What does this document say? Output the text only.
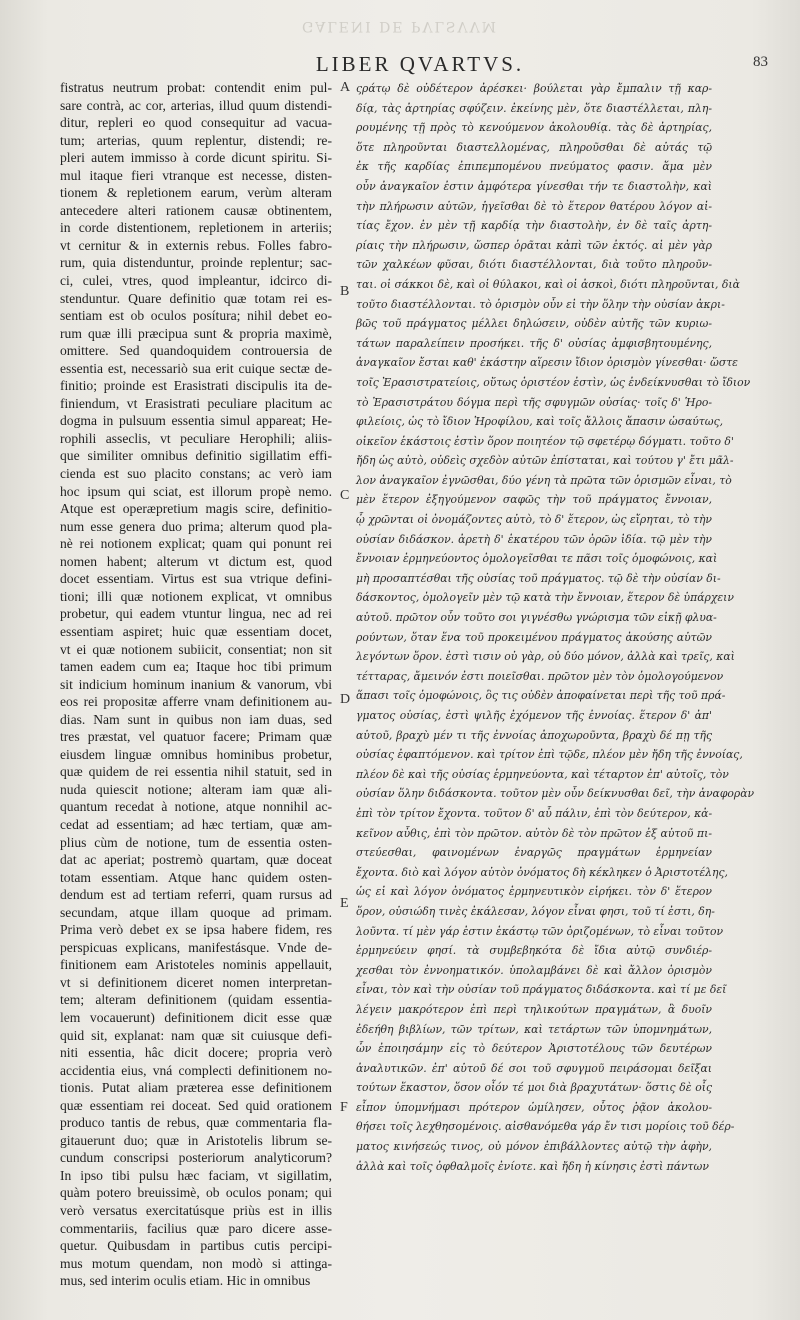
GALENI DE PVLSVVM
LIBER QVARTVS.	83
fistratus neutrum probat: contendit enim pul-
sare contrà, ac cor, arterias, illud quum distendi-
ditur, repleri eo quod consequitur ad vacua-
tum; arterias, quum replentur, distendi; re-
pleri autem immisso à corde dicunt spiritu. Si-
mul itaque fieri vtranque est necesse, disten-
tionem & repletionem earum, verùm alteram
antecedere alteri rationem causæ obtinentem,
in corde distentionem, repletionem in arteriis;
vt cernitur & in externis rebus. Folles fabro-
rum, quia distenduntur, proinde replentur; sac-
ci, culei, vtres, quod impleantur, idcirco di-
stenduntur. Quare definitio quæ totam rei es-
sentiam est ob oculos posítura; nihil debet eo-
rum quæ illi præcipua sunt & propria maximè,
omittere. Sed quandoquidem controuersia de
essentia est, necessariò sua erit cuique sectæ de-
finitio; proinde est Erasistrati discipulis ita de-
finiendum, vt Erasistrati peculiare placitum ac
dogma in pulsuum essentia simul appareat; He-
rophili asseclis, vt peculiare Herophili; aliis-
que similiter omnibus definitio sigillatim effi-
cienda est suo placito constans; ac verò iam
hoc ipsum qui sciat, est illorum propè nemo.
Atque est operæpretium magis scire, definitio-
num esse genera duo prima; alterum quod pla-
nè rei notionem explicat; quam qui ponunt rei
nomen habent; alterum vt dictum est, quod
docet essentiam. Virtus est sua vtrique defini-
tioni; illi quæ notionem explicat, vt omnibus
probetur, qui eadem vtuntur lingua, nec ad rei
essentiam aspiret; huic quæ essentiam docet,
vt ei quæ notionem subiicit, consentiat; non sit
tamen eadem cum ea; Itaque hoc tibi primum
sit indicium hominum inanium & vanorum, vbi
eos rei propositæ afferre vnam definitionem au-
dias. Nam sunt in quibus non iam duas, sed
tres præstat, vel quatuor facere; Primam quæ
eiusdem linguæ omnibus hominibus probetur,
quæ quidem de rei essentia nihil statuit, sed in
nuda quiescit notione; alteram iam quæ ali-
quantum recedat à notione, atque nonnihil ac-
cedat ad essentiam; ad hæc tertiam, quæ am-
plius cùm de notione, tum de essentia osten-
dat ac aperiat; postremò quartam, quæ doceat
totam essentiam. Atque hanc quidem osten-
dendum est ad tertiam referri, quam rursus ad
secundam, atque illam quoque ad primam.
Prima verò debet ex se ipsa habere fidem, res
perspicuas explicans, manifestásque. Vnde de-
finitionem eam Aristoteles nominis appellauit,
vt si definitionem diceret nomen interpretan-
tem; alteram definitionem (quidam essentia-
lem vocauerunt) definitionem dicit esse quæ
quid sit, explanat: nam quæ sit cuiusque defi-
niti essentia, hâc dicit docere; propria verò
accidentia eius, vná complecti definitionem no-
tionis. Putat aliam præterea esse definitionem
quæ essentiam rei doceat. Sed quid orationem
produco tantis de rebus, quæ commentaria fla-
gitauerunt duo; quæ in Aristotelis librum se-
cundum conscripsi posteriorum analyticorum?
In ipso tibi pulsu hæc faciam, vt sigillatim,
quàm potero breuissimè, ob oculos ponam; qui
verò versatus exercitatúsque priùs est in illis
commentariis, facilius quæ paro dicere asse-
quetur. Quibusdam in partibus cutis percipi-
mus motum quendam, non modò si attinga-
mus, sed interim oculis etiam. Hic in omnibus
ςράτῳ δὲ οὐδέτερον ἀρέσκει· βούλεται γὰρ ἔμπαλιν τῇ καρ-
δίᾳ, τὰς ἀρτηρίας σφύζειν. ἐκείνης μὲν, ὅτε διαστέλλεται, πλη-
ρουμένης τῇ πρὸς τὸ κενούμενον ἀκολουθίᾳ. τὰς δὲ ἀρτηρίας,
ὅτε πληροῦνται διαστελλομένας, πληροῦσθαι δὲ αὐτάς τῷ
ἐκ τῆς καρδίας ἐπιπεμπομένου πνεύματος φασιν. ἅμα μὲν
οὖν ἀναγκαῖον ἐστιν ἀμφότερα γίνεσθαι τήν τε διαστολὴν, καὶ
τὴν πλήρωσιν αὐτῶν, ἡγεῖσθαι δὲ τὸ ἕτερον θατέρου λόγον αἰ-
τίας ἔχον. ἐν μὲν τῇ καρδίᾳ τὴν διαστολὴν, ἐν δὲ ταῖς ἀρτη-
ρίαις τὴν πλήρωσιν, ὥσπερ ὁρᾶται κἀπὶ τῶν ἐκτός. αἱ μὲν γὰρ
τῶν χαλκέων φῦσαι, διότι διαστέλλονται, διὰ τοῦτο πληροῦν-
ται. οἱ σάκκοι δὲ, καὶ οἱ θύλακοι, καὶ οἱ ἀσκοὶ, διότι πληροῦνται, διὰ
τοῦτο διαστέλλονται. τὸ ὁρισμὸν οὖν εἰ τὴν ὅλην τὴν οὐσίαν ἀκρι-
βῶς τοῦ πράγματος μέλλει δηλώσειν, οὐδὲν αὐτῆς τῶν κυριω-
τάτων παραλείπειν προσήκει. τῆς δ' οὐσίας ἀμφισβητουμένης,
ἀναγκαῖον ἔσται καθ' ἑκάστην αἵρεσιν ἴδιον ὁρισμὸν γίνεσθαι· ὥστε
τοῖς Ἐρασιστρατείοις, οὕτως ὁριστέον ἐστὶν, ὡς ἐνδείκνυσθαι τὸ ἴδιον
τὸ Ἐρασιστράτου δόγμα περὶ τῆς σφυγμῶν οὐσίας· τοῖς δ' Ἡρο-
φιλείοις, ὡς τὸ ἴδιον Ἡροφίλου, καὶ τοῖς ἄλλοις ἅπασιν ὡσαύτως,
οἰκεῖον ἑκάστοις ἐστὶν ὅρον ποιητέον τῷ σφετέρῳ δόγματι. τοῦτο δ'
ἤδη ὡς αὐτὸ, οὐδεὶς σχεδὸν αὐτῶν ἐπίσταται, καὶ τούτου γ' ἔτι μᾶλ-
λον ἀναγκαῖον ἐγνῶσθαι, δύο γένη τὰ πρῶτα τῶν ὁρισμῶν εἶναι, τὸ
μὲν ἕτερον ἐξηγούμενον σαφῶς τὴν τοῦ πράγματος ἔννοιαν,
ᾧ χρῶνται οἱ ὀνομάζοντες αὐτὸ, τὸ δ' ἕτερον, ὡς εἴρηται, τὸ τὴν
οὐσίαν διδάσκον. ἀρετὴ δ' ἑκατέρου τῶν ὁρῶν ἰδία. τῷ μὲν τὴν
ἔννοιαν ἑρμηνεύοντος ὁμολογεῖσθαι τε πᾶσι τοῖς ὁμοφώνοις, καὶ
μὴ προσαπτέσθαι τῆς οὐσίας τοῦ πράγματος. τῷ δὲ τὴν οὐσίαν δι-
δάσκοντος, ὁμολογεῖν μὲν τῷ κατὰ τὴν ἔννοιαν, ἕτερον δὲ ὑπάρχειν
αὐτοῦ. πρῶτον οὖν τοῦτο σοι γιγνέσθω γνώρισμα τῶν εἰκῇ φλυα-
ρούντων, ὅταν ἕνα τοῦ προκειμένου πράγματος ἀκούσης αὐτῶν
λεγόντων ὅρον. ἐστὶ τισιν οὐ γὰρ, οὐ δύο μόνον, ἀλλὰ καὶ τρεῖς, καὶ
τέτταρας, ἄμεινόν ἐστι ποιεῖσθαι. πρῶτον μὲν τὸν ὁμολογούμενον
ἅπασι τοῖς ὁμοφώνοις, ὃς τις οὐδὲν ἀποφαίνεται περὶ τῆς τοῦ πρά-
γματος οὐσίας, ἐστὶ ψιλῆς ἐχόμενον τῆς ἐννοίας. ἕτερον δ' ἀπ'
αὐτοῦ, βραχὺ μέν τι τῆς ἐννοίας ἀποχωροῦντα, βραχὺ δέ πῃ τῆς
οὐσίας ἐφαπτόμενον. καὶ τρίτον ἐπὶ τῷδε, πλέον μὲν ἤδη τῆς ἐννοίας,
πλέον δὲ καὶ τῆς οὐσίας ἑρμηνεύοντα, καὶ τέταρτον ἐπ' αὐτοῖς, τὸν
οὐσίαν ὅλην διδάσκοντα. τοῦτον μὲν οὖν δείκνυσθαι δεῖ, τὴν ἀναφορὰν
ἐπὶ τὸν τρίτον ἔχοντα. τοῦτον δ' αὖ πάλιν, ἐπὶ τὸν δεύτερον, κἀ-
κεῖνον αὖθις, ἐπὶ τὸν πρῶτον. αὐτὸν δὲ τὸν πρῶτον ἐξ αὐτοῦ πι-
στεύεσθαι, φαινομένων ἐναργῶς πραγμάτων ἑρμηνείαν
ἔχοντα. διὸ καὶ λόγον αὐτὸν ὀνόματος δὴ κέκληκεν ὁ Ἀριστοτέλης,
ὡς εἰ καὶ λόγον ὀνόματος ἑρμηνευτικὸν εἰρήκει. τὸν δ' ἕτερον
ὅρον, οὐσιώδη τινὲς ἐκάλεσαν, λόγον εἶναι φησι, τοῦ τί ἐστι, δη-
λοῦντα. τί μὲν γάρ ἐστιν ἑκάστῳ τῶν ὁριζομένων, τὸ εἶναι τοῦτον
ἑρμηνεύειν φησί. τὰ συμβεβηκότα δὲ ἴδια αὐτῷ συνδιέρ-
χεσθαι τὸν ἐννοηματικόν. ὑπολαμβάνει δὲ καὶ ἄλλον ὁρισμὸν
εἶναι, τὸν καὶ τὴν οὐσίαν τοῦ πράγματος διδάσκοντα. καὶ τί με δεῖ
λέγειν μακρότερον ἐπὶ περὶ τηλικούτων πραγμάτων, ἃ δυοῖν
ἐδεήθη βιβλίων, τῶν τρίτων, καὶ τετάρτων τῶν ὑπομνημάτων,
ὧν ἐποιησάμην εἰς τὸ δεύτερον Ἀριστοτέλους τῶν δευτέρων
ἀναλυτικῶν. ἐπ' αὐτοῦ δέ σοι τοῦ σφυγμοῦ πειράσομαι δεῖξαι
τούτων ἕκαστον, ὅσον οἷόν τέ μοι διὰ βραχυτάτων· ὅστις δὲ οἷς
εἶπον ὑπομνήμασι πρότερον ὡμίλησεν, οὗτος ῥᾷον ἀκολου-
θήσει τοῖς λεχθησομένοις. αἰσθανόμεθα γάρ ἔν τισι μορίοις τοῦ δέρ-
ματος κινήσεώς τινος, οὐ μόνον ἐπιβάλλοντες αὐτῷ τὴν ἁφὴν,
ἀλλὰ καὶ τοῖς ὀφθαλμοῖς ἐνίοτε. καὶ ἤδη ἡ κίνησις ἐστὶ πάντων
A
B
C
D
E
F
